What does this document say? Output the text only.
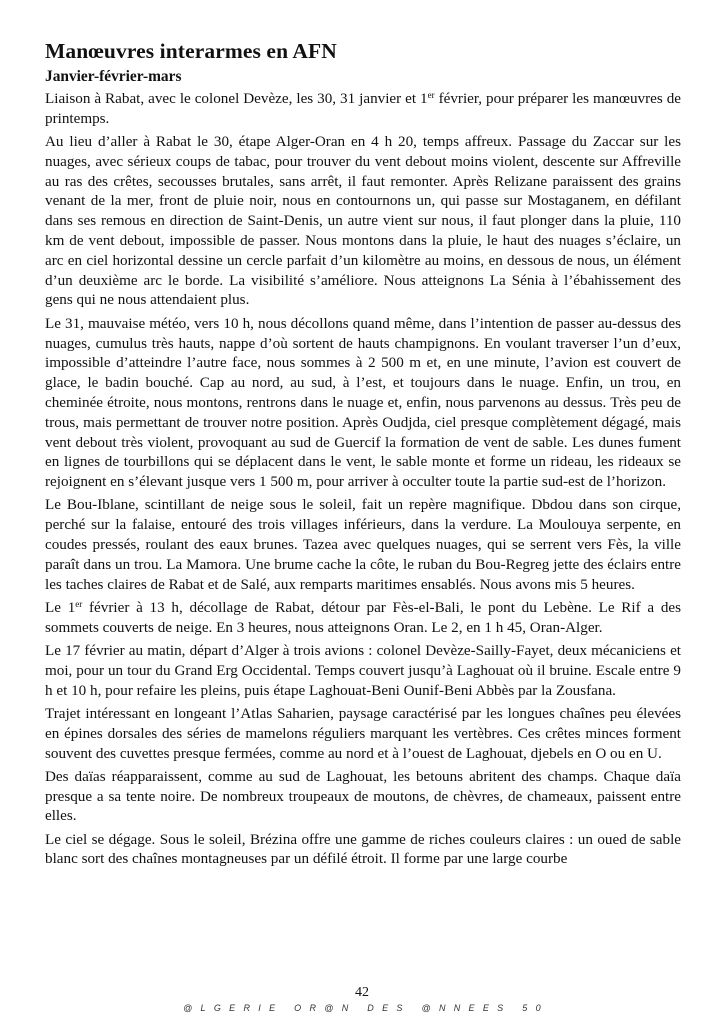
Manœuvres interarmes en AFN
Janvier-février-mars

Liaison à Rabat, avec le colonel Devèze, les 30, 31 janvier et 1er février, pour préparer les manœuvres de printemps.

Au lieu d’aller à Rabat le 30, étape Alger-Oran en 4 h 20, temps affreux. Passage du Zaccar sur les nuages, avec sérieux coups de tabac, pour trouver du vent debout moins violent, descente sur Affreville au ras des crêtes, secousses brutales, sans arrêt, il faut remonter. Après Relizane paraissent des grains venant de la mer, front de pluie noir, nous en contournons un, qui passe sur Mostaganem, en défilant dans ses remous en direction de Saint-Denis, un autre vient sur nous, il faut plonger dans la pluie, 110 km de vent debout, impossible de passer. Nous montons dans la pluie, le haut des nuages s’éclaire, un arc en ciel horizontal dessine un cercle parfait d’un kilomètre au moins, en dessous de nous, un élément d’un deuxième arc le borde. La visibilité s’améliore. Nous atteignons La Sénia à l’ébahissement des gens qui ne nous attendaient plus.

Le 31, mauvaise météo, vers 10 h, nous décollons quand même, dans l’intention de passer au-dessus des nuages, cumulus très hauts, nappe d’où sortent de hauts champignons. En voulant traverser l’un d’eux, impossible d’atteindre l’autre face, nous sommes à 2 500 m et, en une minute, l’avion est couvert de glace, le badin bouché. Cap au nord, au sud, à l’est, et toujours dans le nuage. Enfin, un trou, en cheminée étroite, nous montons, rentrons dans le nuage et, enfin, nous parvenons au dessus. Très peu de trous, mais permettant de trouver notre position. Après Oudjda, ciel presque complètement dégagé, mais vent debout très violent, provoquant au sud de Guercif la formation de vent de sable. Les dunes fument en lignes de tourbillons qui se déplacent dans le vent, le sable monte et forme un rideau, les rideaux se rejoignent en s’élevant jusque vers 1 500 m, pour arriver à occulter toute la partie sud-est de l’horizon.

Le Bou-Iblane, scintillant de neige sous le soleil, fait un repère magnifique. Dbdou dans son cirque, perché sur la falaise, entouré des trois villages inférieurs, dans la verdure. La Moulouya serpente, en coudes pressés, roulant des eaux brunes. Tazea avec quelques nuages, qui se serrent vers Fès, la ville paraît dans un trou. La Mamora. Une brume cache la côte, le ruban du Bou-Regreg jette des éclairs entre les taches claires de Rabat et de Salé, aux remparts maritimes ensablés. Nous avons mis 5 heures.

Le 1er février à 13 h, décollage de Rabat, détour par Fès-el-Bali, le pont du Lebène. Le Rif a des sommets couverts de neige. En 3 heures, nous atteignons Oran. Le 2, en 1 h 45, Oran-Alger.

Le 17 février au matin, départ d’Alger à trois avions : colonel Devèze-Sailly-Fayet, deux mécaniciens et moi, pour un tour du Grand Erg Occidental. Temps couvert jusqu’à Laghouat où il bruine. Escale entre 9 h et 10 h, pour refaire les pleins, puis étape Laghouat-Beni Ounif-Beni Abbès par la Zousfana.

Trajet intéressant en longeant l’Atlas Saharien, paysage caractérisé par les longues chaînes peu élevées en épines dorsales des séries de mamelons réguliers marquant les vertèbres. Ces crêtes minces forment souvent des cuvettes presque fermées, comme au nord et à l’ouest de Laghouat, djebels en O ou en U.

Des daïas réapparaissent, comme au sud de Laghouat, les betouns abritent des champs. Chaque daïa presque a sa tente noire. De nombreux troupeaux de moutons, de chèvres, de chameaux, paissent entre elles.

Le ciel se dégage. Sous le soleil, Brézina offre une gamme de riches couleurs claires : un oued de sable blanc sort des chaînes montagneuses par un défilé étroit. Il forme par une large courbe

42
@LGERIE OR@N DES @NNEES 50
